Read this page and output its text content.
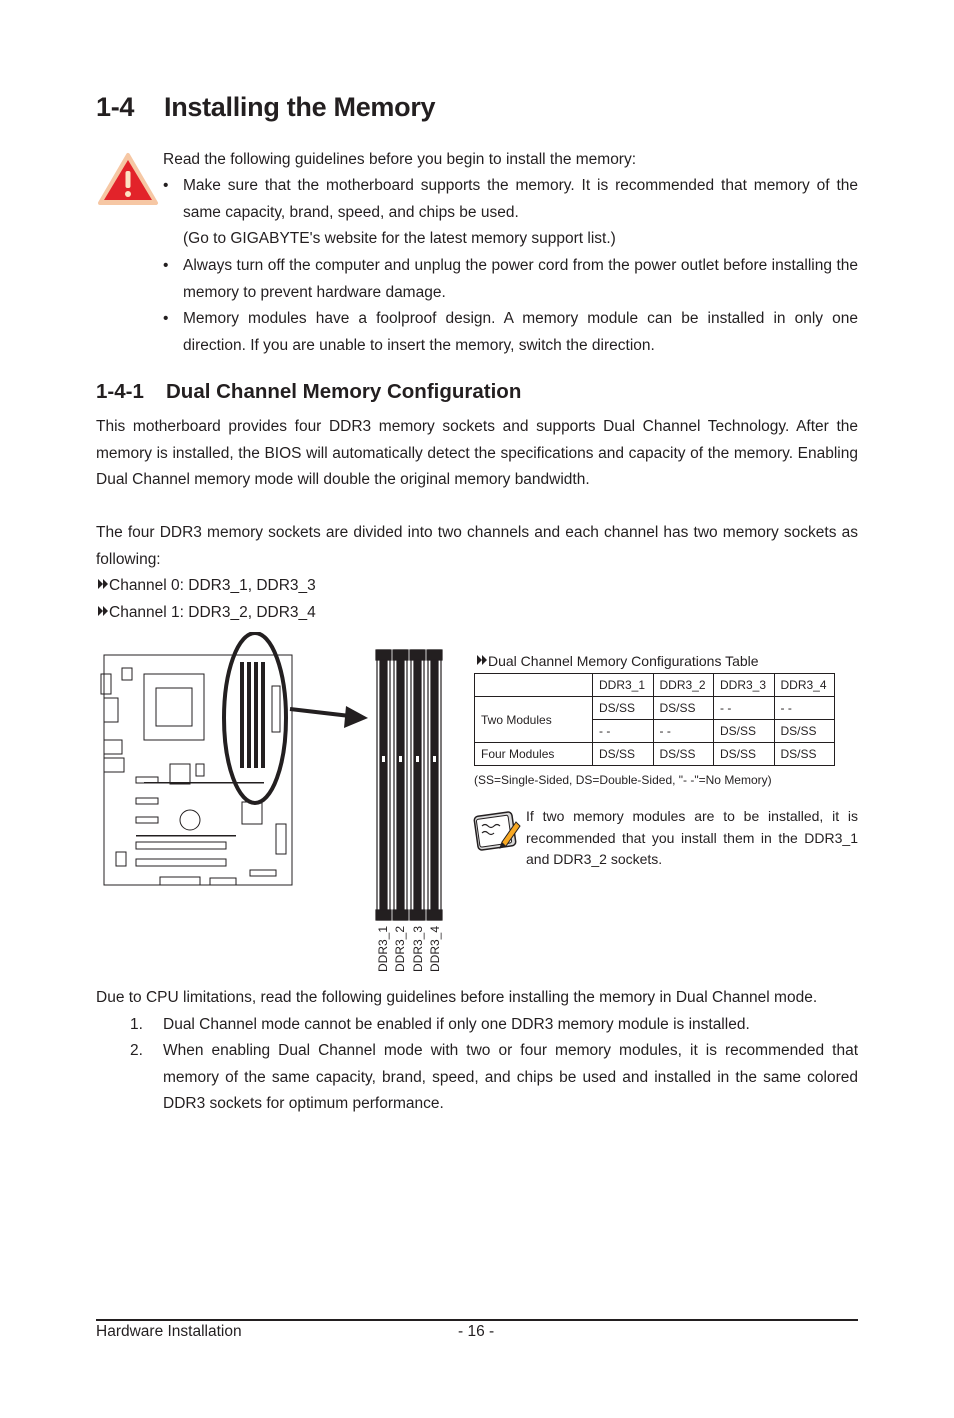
1-4 Installing the Memory
Read the following guidelines before you begin to install the memory:
• Make sure that the motherboard supports the memory. It is recommended that memory of the same capacity, brand, speed, and chips be used.
(Go to GIGABYTE's website for the latest memory support list.)
• Always turn off the computer and unplug the power cord from the power outlet before installing the memory to prevent hardware damage.
• Memory modules have a foolproof design. A memory module can be installed in only one direction. If you are unable to insert the memory, switch the direction.
1-4-1 Dual Channel Memory Configuration
This motherboard provides four DDR3 memory sockets and supports Dual Channel Technology. After the memory is installed, the BIOS will automatically detect the specifications and capacity of the memory. Enabling Dual Channel memory mode will double the original memory bandwidth.
The four DDR3 memory sockets are divided into two channels and each channel has two memory sockets as following:
Channel 0: DDR3_1, DDR3_3
Channel 1: DDR3_2, DDR3_4
DDR3_1 DDR3_2 DDR3_3 DDR3_4
Dual Channel Memory Configurations Table
	DDR3_1	DDR3_2	DDR3_3	DDR3_4
Two Modules	DS/SS	DS/SS	- -	- -
	- -	- -	DS/SS	DS/SS
Four Modules	DS/SS	DS/SS	DS/SS	DS/SS
(SS=Single-Sided, DS=Double-Sided, "- -"=No Memory)
If two memory modules are to be installed, it is recommended that you install them in the DDR3_1 and DDR3_2 sockets.
Due to CPU limitations, read the following guidelines before installing the memory in Dual Channel mode.
1. Dual Channel mode cannot be enabled if only one DDR3 memory module is installed.
2. When enabling Dual Channel mode with two or four memory modules, it is recommended that memory of the same capacity, brand, speed, and chips be used and installed in the same colored DDR3 sockets for optimum performance.
Hardware Installation	- 16 -
